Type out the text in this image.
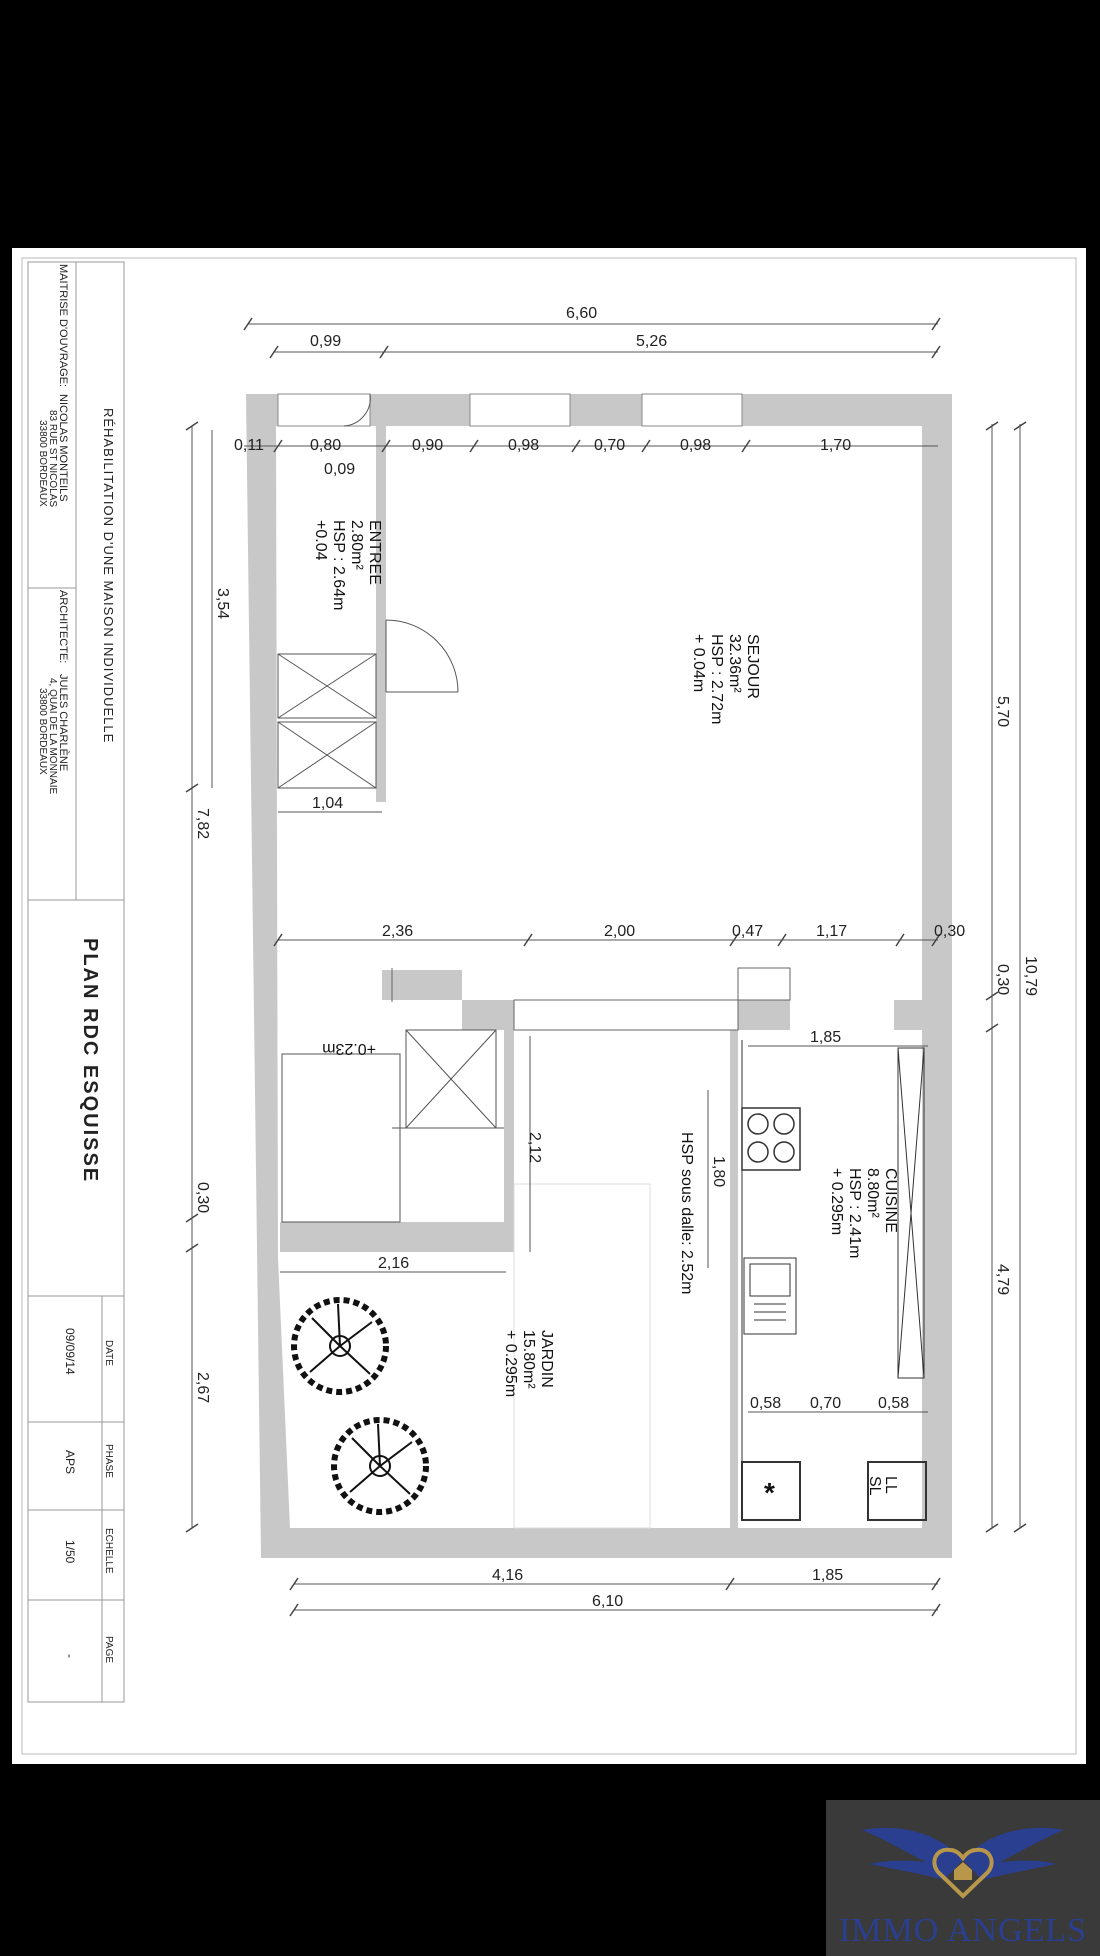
RÉHABILITATION D'UNE MAISON INDIVIDUELLE
MAITRISE D'OUVRAGE:
NICOLAS MONTEILS
83 RUE ST NICOLAS
33800 BORDEAUX
ARCHITECTE:
JULES CHARLÈNE
4, QUAI DE LA MONNAIE
33800 BORDEAUX
PLAN RDC ESQUISSE
DATE
09/09/14
PHASE
APS
ECHELLE
1/50
PAGE
-
6,60
0,99	5,26
0,11	0,80
0,09
0,90	0,98	0,70	0,98	1,70
1,04
2,36	2,00	0,47	1,17	0,30
1,85
2,16
0,58 0,70 0,58
4,16	1,85
6,10
3,54
7,82
0,30
2,67
2,12
1,80
5,70
0,30 10,79
4,79
ENTREE
2.80m²
HSP : 2.64m
+0.04
SEJOUR
32.36m²
HSP : 2.72m
+ 0.04m
CUISINE
8.80m²
HSP : 2.41m
+ 0.295m
JARDIN
15.80m²
+ 0.295m
HSP sous dalle: 2.52m
+0.23m
LL
SL
*
IMMO ANGELS
